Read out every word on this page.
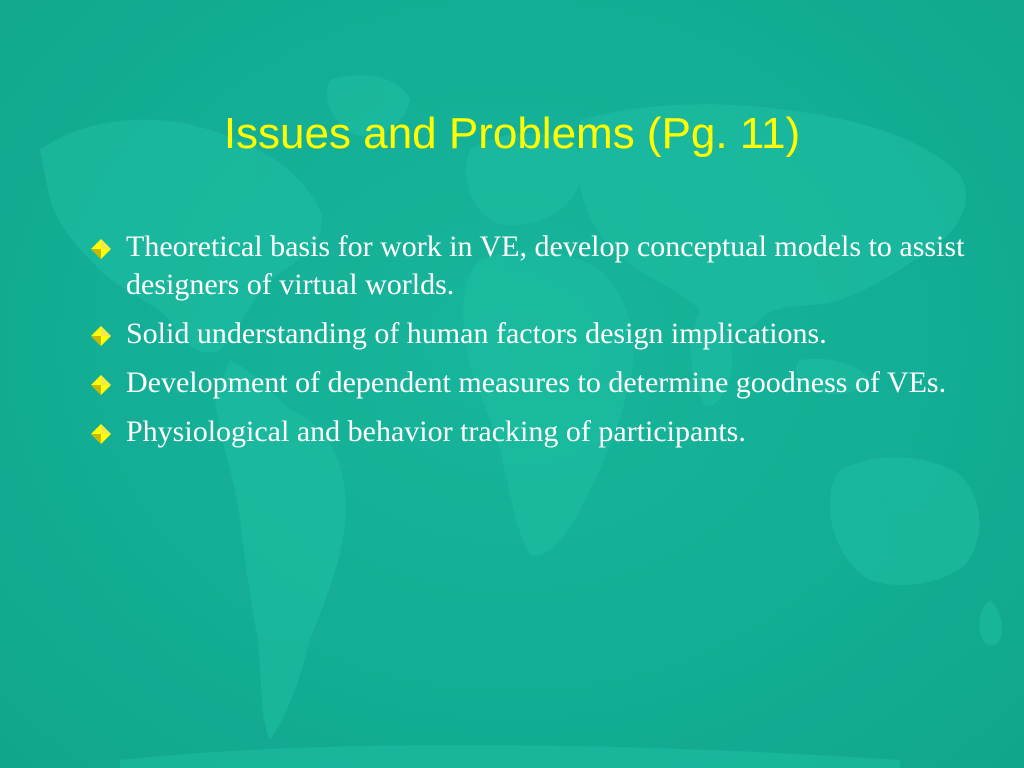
Issues and Problems (Pg. 11)
Theoretical basis for work in VE, develop conceptual models to assist designers of virtual worlds.
Solid understanding of human factors design implications.
Development of dependent measures to determine goodness of VEs.
Physiological and behavior tracking of participants.
